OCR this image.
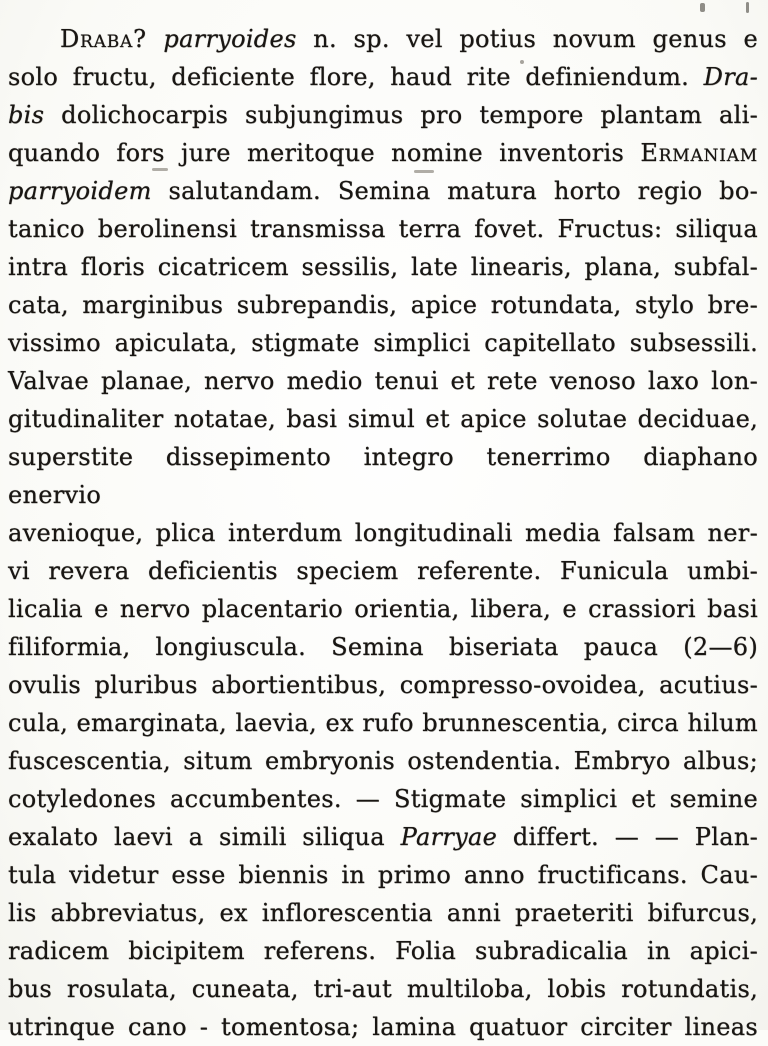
Draba? parryoides n. sp. vel potius novum genus e
solo fructu, deficiente flore, haud rite definiendum. Dra-
bis dolichocarpis subjungimus pro tempore plantam ali-
quando fors jure meritoque nomine inventoris Ermaniam
parryoidem salutandam. Semina matura horto regio bo-
tanico berolinensi transmissa terra fovet. Fructus: siliqua
intra floris cicatricem sessilis, late linearis, plana, subfal-
cata, marginibus subrepandis, apice rotundata, stylo bre-
vissimo apiculata, stigmate simplici capitellato subsessili.
Valvae planae, nervo medio tenui et rete venoso laxo lon-
gitudinaliter notatae, basi simul et apice solutae deciduae,
superstite dissepimento integro tenerrimo diaphano enervio
avenioque, plica interdum longitudinali media falsam ner-
vi revera deficientis speciem referente. Funicula umbi-
licalia e nervo placentario orientia, libera, e crassiori basi
filiformia, longiuscula. Semina biseriata pauca (2—6)
ovulis pluribus abortientibus, compresso-ovoidea, acutius-
cula, emarginata, laevia, ex rufo brunnescentia, circa hilum
fuscescentia, situm embryonis ostendentia. Embryo albus;
cotyledones accumbentes. — Stigmate simplici et semine
exalato laevi a simili siliqua Parryae differt. — — Plan-
tula videtur esse biennis in primo anno fructificans. Cau-
lis abbreviatus, ex inflorescentia anni praeteriti bifurcus,
radicem bicipitem referens. Folia subradicalia in apici-
bus rosulata, cuneata, tri-aut multiloba, lobis rotundatis,
utrinque cano - tomentosa; lamina quatuor circiter lineas
